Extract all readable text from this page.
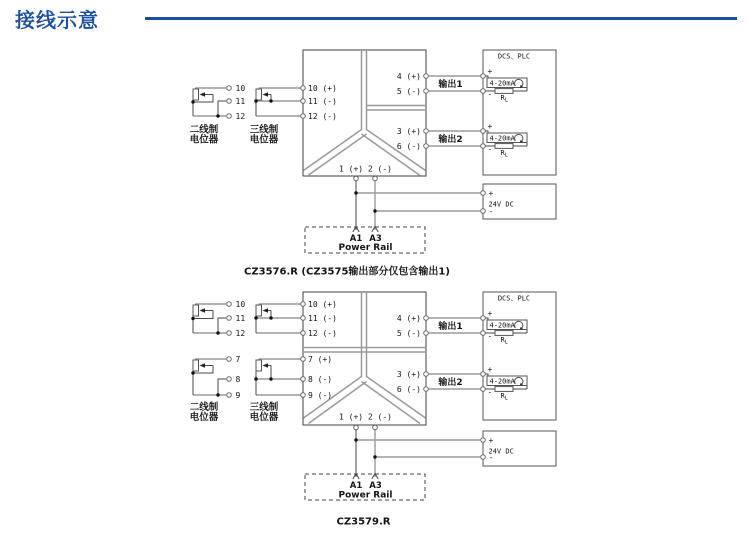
接线示意
10
11
12
二线制
电位器
三线制
电位器
10 (+)
11 (-)
12 (-)
4 (+)
5 (-)
3 (+)
6 (-)
1 (+) 2 (-)
输出1
输出2
DCS、PLC
4-20mA
+
- $R_L$
4-20mA
+
- $R_L$
+
24V DC
-
A1 A3
Power Rail
CZ3576.R (CZ3575输出部分仅包含输出1)
10
11
12
7
8
9
二线制
电位器
三线制
电位器
10 (+)
11 (-)
12 (-)
7 (+)
8 (-)
9 (-)
4 (+)
5 (-)
3 (+)
6 (-)
1 (+) 2 (-)
输出1
输出2
DCS、PLC
4-20mA
+
- $R_L$
4-20mA
+
- $R_L$
+
24V DC
-
A1 A3
Power Rail
CZ3579.R
